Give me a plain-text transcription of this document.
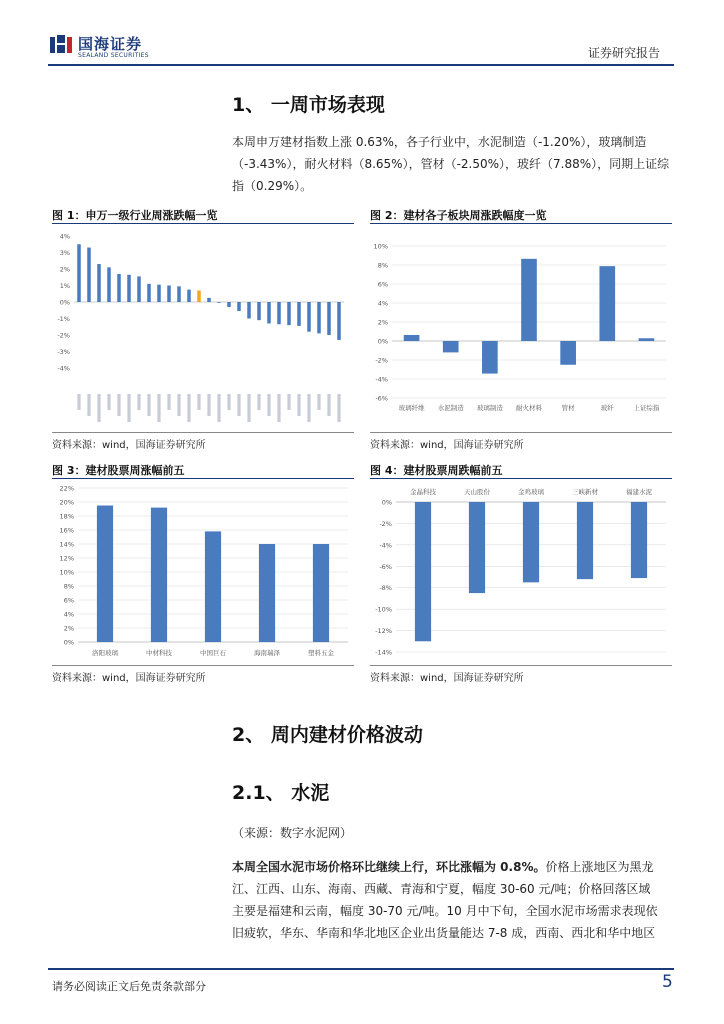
国海证券
SEALAND SECURITIES	证券研究报告
1、 一周市场表现
本周申万建材指数上涨 0.63%，各子行业中，水泥制造（-1.20%），玻璃制造
（-3.43%），耐火材料（8.65%），管材（-2.50%），玻纤（7.88%），同期上证综
指（0.29%）。
图 1：申万一级行业周涨跌幅一览
4%
3%
2%
1%
0%
-1%
-2%
-3%
-4%
资料来源：wind，国海证券研究所
图 2：建材各子板块周涨跌幅度一览
10%
8%
6%
4%
2%
0%
-2%
-4%
-6%
玻璃纤维 水泥制造 玻璃制造 耐火材料	管材	玻纤	上证综指
资料来源：wind，国海证券研究所
图 3：建材股票周涨幅前五
22%
20%
18%
16%
14%
12%
10%
8%
6%
4%
2%
0%
洛阳玻璃	中材科技	中国巨石	海南瑞泽	塑料五金
资料来源：wind，国海证券研究所
图 4：建材股票周跌幅前五
0%
-2%
-4%
-6%
-8%
-10%
-12%
-14%
金晶科技	天山股份	金鸡玻璃	三峡新材	福建水泥
资料来源：wind，国海证券研究所
2、 周内建材价格波动
2.1、 水泥
（来源：数字水泥网）
本周全国水泥市场价格环比继续上行，环比涨幅为 0.8%。价格上涨地区为黑龙
江、江西、山东、海南、西藏、青海和宁夏，幅度 30-60 元/吨；价格回落区域
主要是福建和云南，幅度 30-70 元/吨。10 月中下旬，全国水泥市场需求表现依
旧疲软，华东、华南和华北地区企业出货量能达 7-8 成，西南、西北和华中地区
请务必阅读正文后免责条款部分	5
